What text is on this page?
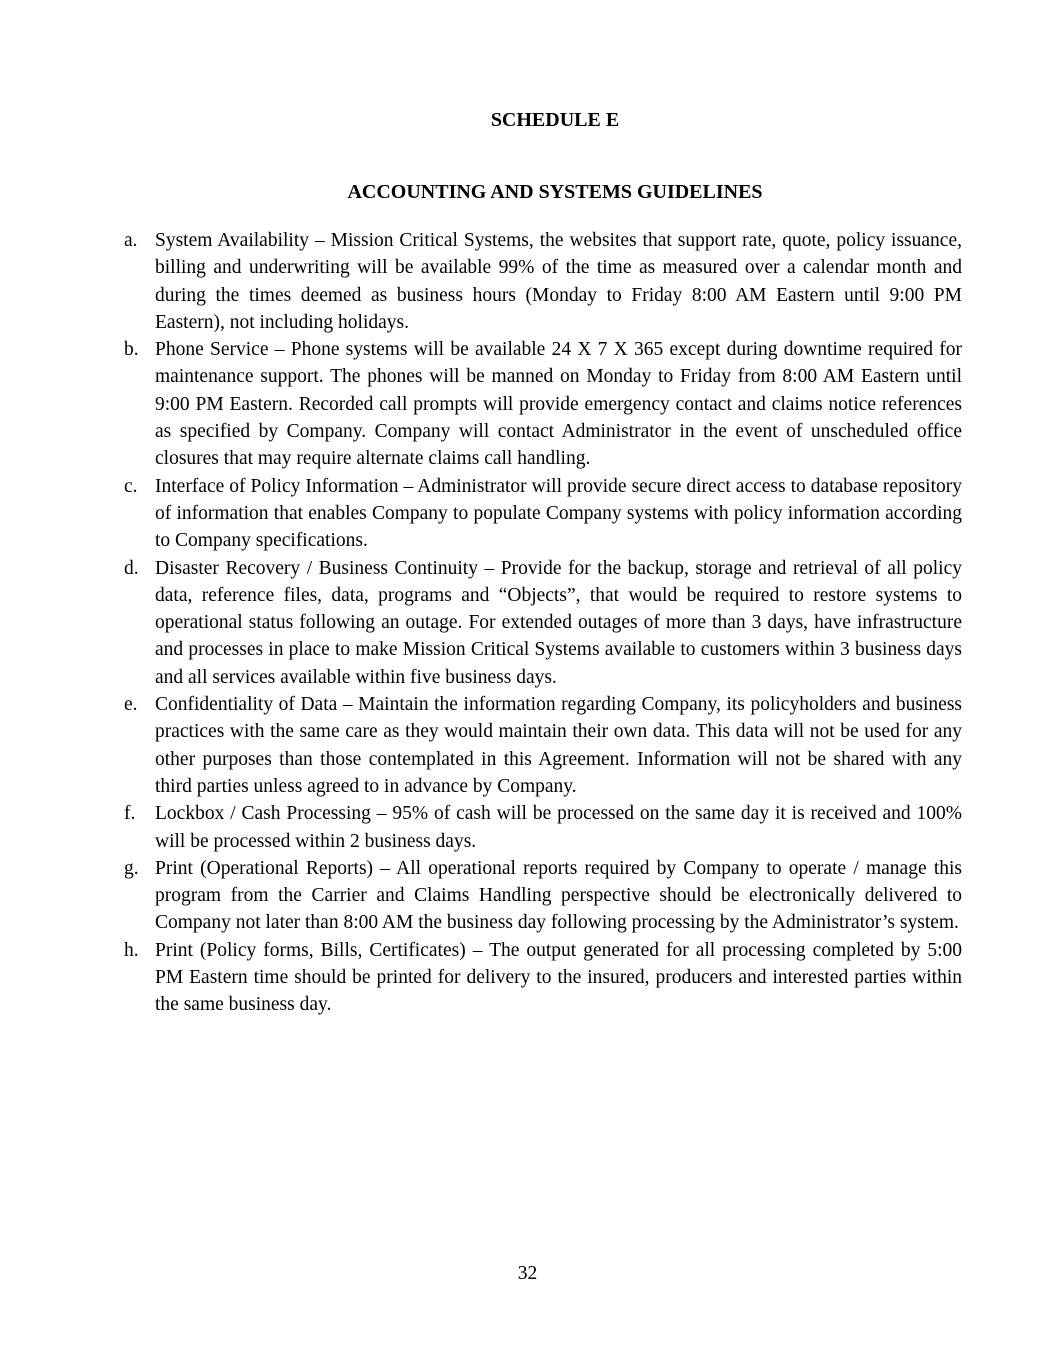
SCHEDULE E
ACCOUNTING AND SYSTEMS GUIDELINES
a. System Availability – Mission Critical Systems, the websites that support rate, quote, policy issuance, billing and underwriting will be available 99% of the time as measured over a calendar month and during the times deemed as business hours (Monday to Friday 8:00 AM Eastern until 9:00 PM Eastern), not including holidays.
b. Phone Service – Phone systems will be available 24 X 7 X 365 except during downtime required for maintenance support. The phones will be manned on Monday to Friday from 8:00 AM Eastern until 9:00 PM Eastern. Recorded call prompts will provide emergency contact and claims notice references as specified by Company. Company will contact Administrator in the event of unscheduled office closures that may require alternate claims call handling.
c. Interface of Policy Information – Administrator will provide secure direct access to database repository of information that enables Company to populate Company systems with policy information according to Company specifications.
d. Disaster Recovery / Business Continuity – Provide for the backup, storage and retrieval of all policy data, reference files, data, programs and “Objects”, that would be required to restore systems to operational status following an outage. For extended outages of more than 3 days, have infrastructure and processes in place to make Mission Critical Systems available to customers within 3 business days and all services available within five business days.
e. Confidentiality of Data – Maintain the information regarding Company, its policyholders and business practices with the same care as they would maintain their own data. This data will not be used for any other purposes than those contemplated in this Agreement. Information will not be shared with any third parties unless agreed to in advance by Company.
f. Lockbox / Cash Processing – 95% of cash will be processed on the same day it is received and 100% will be processed within 2 business days.
g. Print (Operational Reports) – All operational reports required by Company to operate / manage this program from the Carrier and Claims Handling perspective should be electronically delivered to Company not later than 8:00 AM the business day following processing by the Administrator’s system.
h. Print (Policy forms, Bills, Certificates) – The output generated for all processing completed by 5:00 PM Eastern time should be printed for delivery to the insured, producers and interested parties within the same business day.
32
